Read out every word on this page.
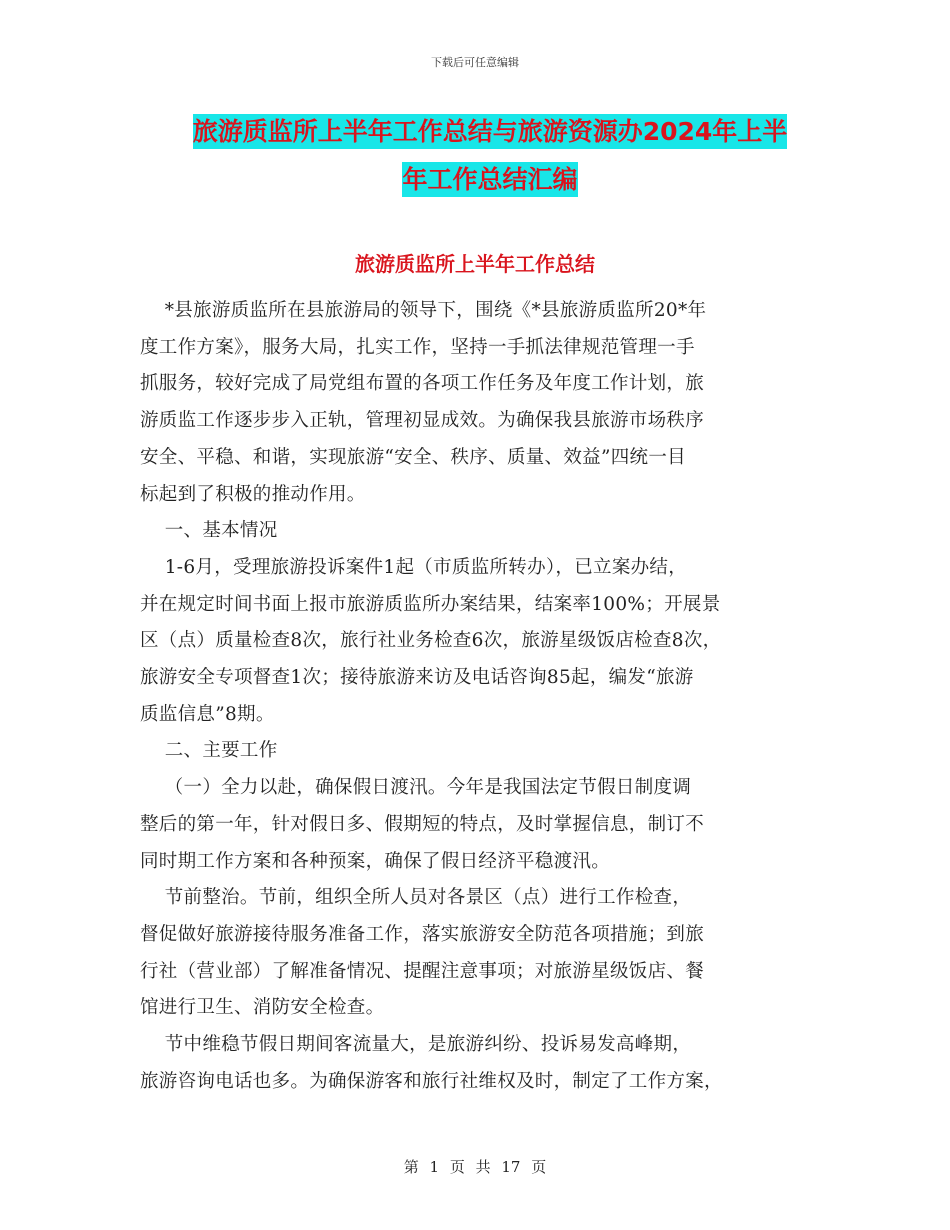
下载后可任意编辑
旅游质监所上半年工作总结与旅游资源办2024年上半
年工作总结汇编
旅游质监所上半年工作总结

*县旅游质监所在县旅游局的领导下，围绕《*县旅游质监所20*年

度工作方案》，服务大局，扎实工作，坚持一手抓法律规范管理一手

抓服务，较好完成了局党组布置的各项工作任务及年度工作计划，旅

游质监工作逐步步入正轨，管理初显成效。为确保我县旅游市场秩序

安全、平稳、和谐，实现旅游“安全、秩序、质量、效益”四统一目

标起到了积极的推动作用。

一、基本情况

1-6月，受理旅游投诉案件1起（市质监所转办），已立案办结，

并在规定时间书面上报市旅游质监所办案结果，结案率100%；开展景

区（点）质量检查8次，旅行社业务检查6次，旅游星级饭店检查8次，

旅游安全专项督查1次；接待旅游来访及电话咨询85起，编发“旅游

质监信息”8期。

二、主要工作

（一）全力以赴，确保假日渡汛。今年是我国法定节假日制度调

整后的第一年，针对假日多、假期短的特点，及时掌握信息，制订不

同时期工作方案和各种预案，确保了假日经济平稳渡汛。

节前整治。节前，组织全所人员对各景区（点）进行工作检查，

督促做好旅游接待服务准备工作，落实旅游安全防范各项措施；到旅

行社（营业部）了解准备情况、提醒注意事项；对旅游星级饭店、餐

馆进行卫生、消防安全检查。

节中维稳节假日期间客流量大，是旅游纠纷、投诉易发高峰期，

旅游咨询电话也多。为确保游客和旅行社维权及时，制定了工作方案，

第 1 页 共 17 页
